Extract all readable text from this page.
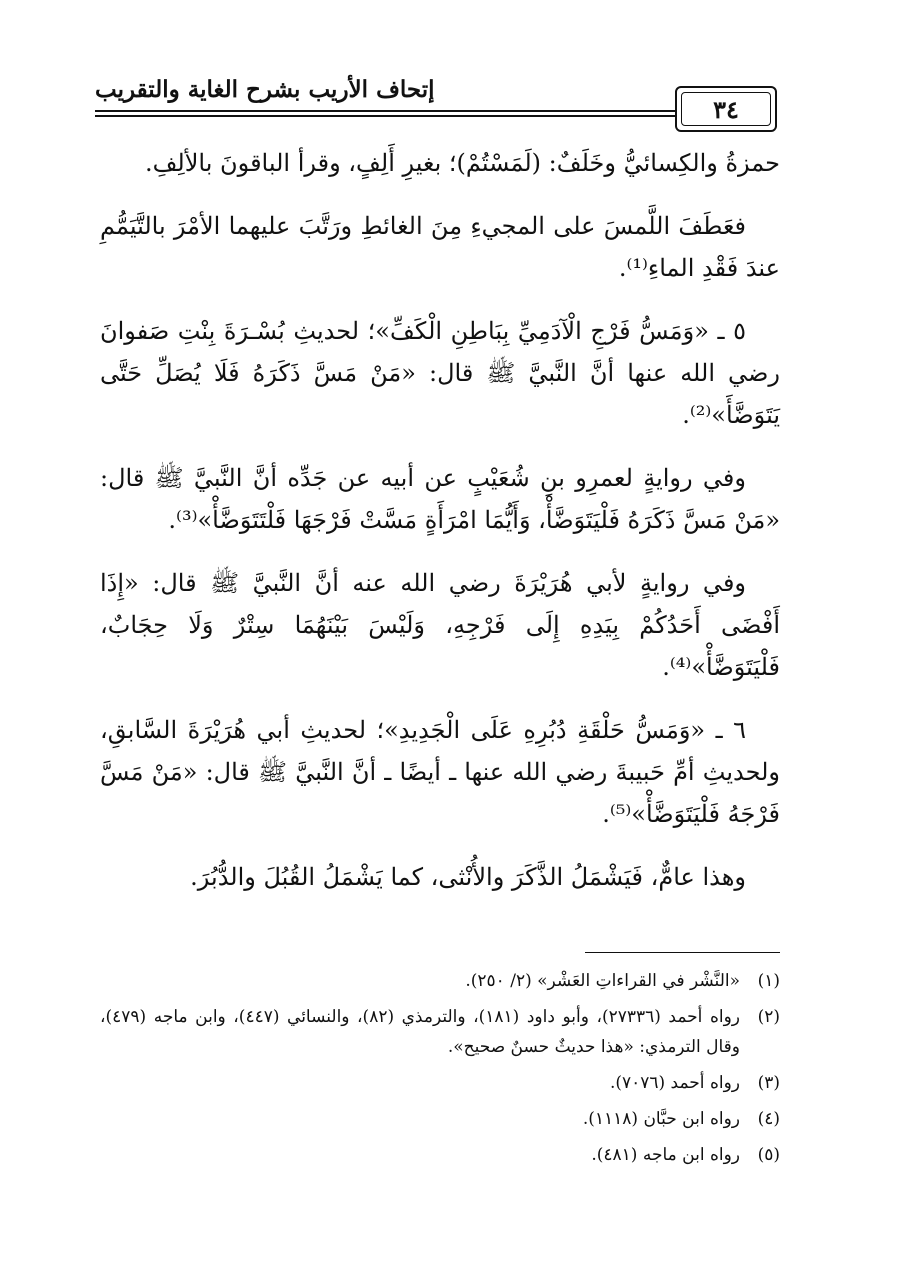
إتحاف الأريب بشرح الغاية والتقريب
٣٤

حمزةُ والكِسائيُّ وخَلَفٌ: (لَمَسْتُمْ)؛ بغيرِ أَلِفٍ، وقرأ الباقونَ بالألِفِ.

فعَطَفَ اللَّمسَ على المجيءِ مِنَ الغائطِ ورَتَّبَ عليهما الأمْرَ بالتَّيَمُّمِ عندَ فَقْدِ الماءِ⁽¹⁾.

٥ ـ «وَمَسُّ فَرْجِ الْآدَمِيِّ بِبَاطِنِ الْكَفِّ»؛ لحديثِ بُسْـرَةَ بِنْتِ صَفوانَ رضي الله عنها أنَّ النَّبيَّ ﷺ قال: «مَنْ مَسَّ ذَكَرَهُ فَلَا يُصَلِّ حَتَّى يَتَوَضَّأَ»⁽²⁾.

وفي روايةٍ لعمرِو بنِ شُعَيْبٍ عن أبيه عن جَدِّه أنَّ النَّبيَّ ﷺ قال: «مَنْ مَسَّ ذَكَرَهُ فَلْيَتَوَضَّأْ، وَأَيُّمَا امْرَأَةٍ مَسَّتْ فَرْجَهَا فَلْتَتَوَضَّأْ»⁽³⁾.

وفي روايةٍ لأبي هُرَيْرَةَ رضي الله عنه أنَّ النَّبيَّ ﷺ قال: «إِذَا أَفْضَى أَحَدُكُمْ بِيَدِهِ إِلَى فَرْجِهِ، وَلَيْسَ بَيْنَهُمَا سِتْرٌ وَلَا حِجَابٌ، فَلْيَتَوَضَّأْ»⁽⁴⁾.

٦ ـ «وَمَسُّ حَلْقَةِ دُبُرِهِ عَلَى الْجَدِيدِ»؛ لحديثِ أبي هُرَيْرَةَ السَّابقِ، ولحديثِ أمِّ حَبيبةَ رضي الله عنها ـ أيضًا ـ أنَّ النَّبيَّ ﷺ قال: «مَنْ مَسَّ فَرْجَهُ فَلْيَتَوَضَّأْ»⁽⁵⁾.

وهذا عامٌّ، فَيَشْمَلُ الذَّكَرَ والأُنْثى، كما يَشْمَلُ القُبُلَ والدُّبُرَ.

(١)
«النَّشْر في القراءاتِ العَشْر» (٢/ ٢٥٠).
(٢)
رواه أحمد (٢٧٣٣٦)، وأبو داود (١٨١)، والترمذي (٨٢)، والنسائي (٤٤٧)، وابن ماجه (٤٧٩)، وقال الترمذي: «هذا حديثٌ حسنٌ صحيح».
(٣)
رواه أحمد (٧٠٧٦).
(٤)
رواه ابن حبَّان (١١١٨).
(٥)
رواه ابن ماجه (٤٨١).
